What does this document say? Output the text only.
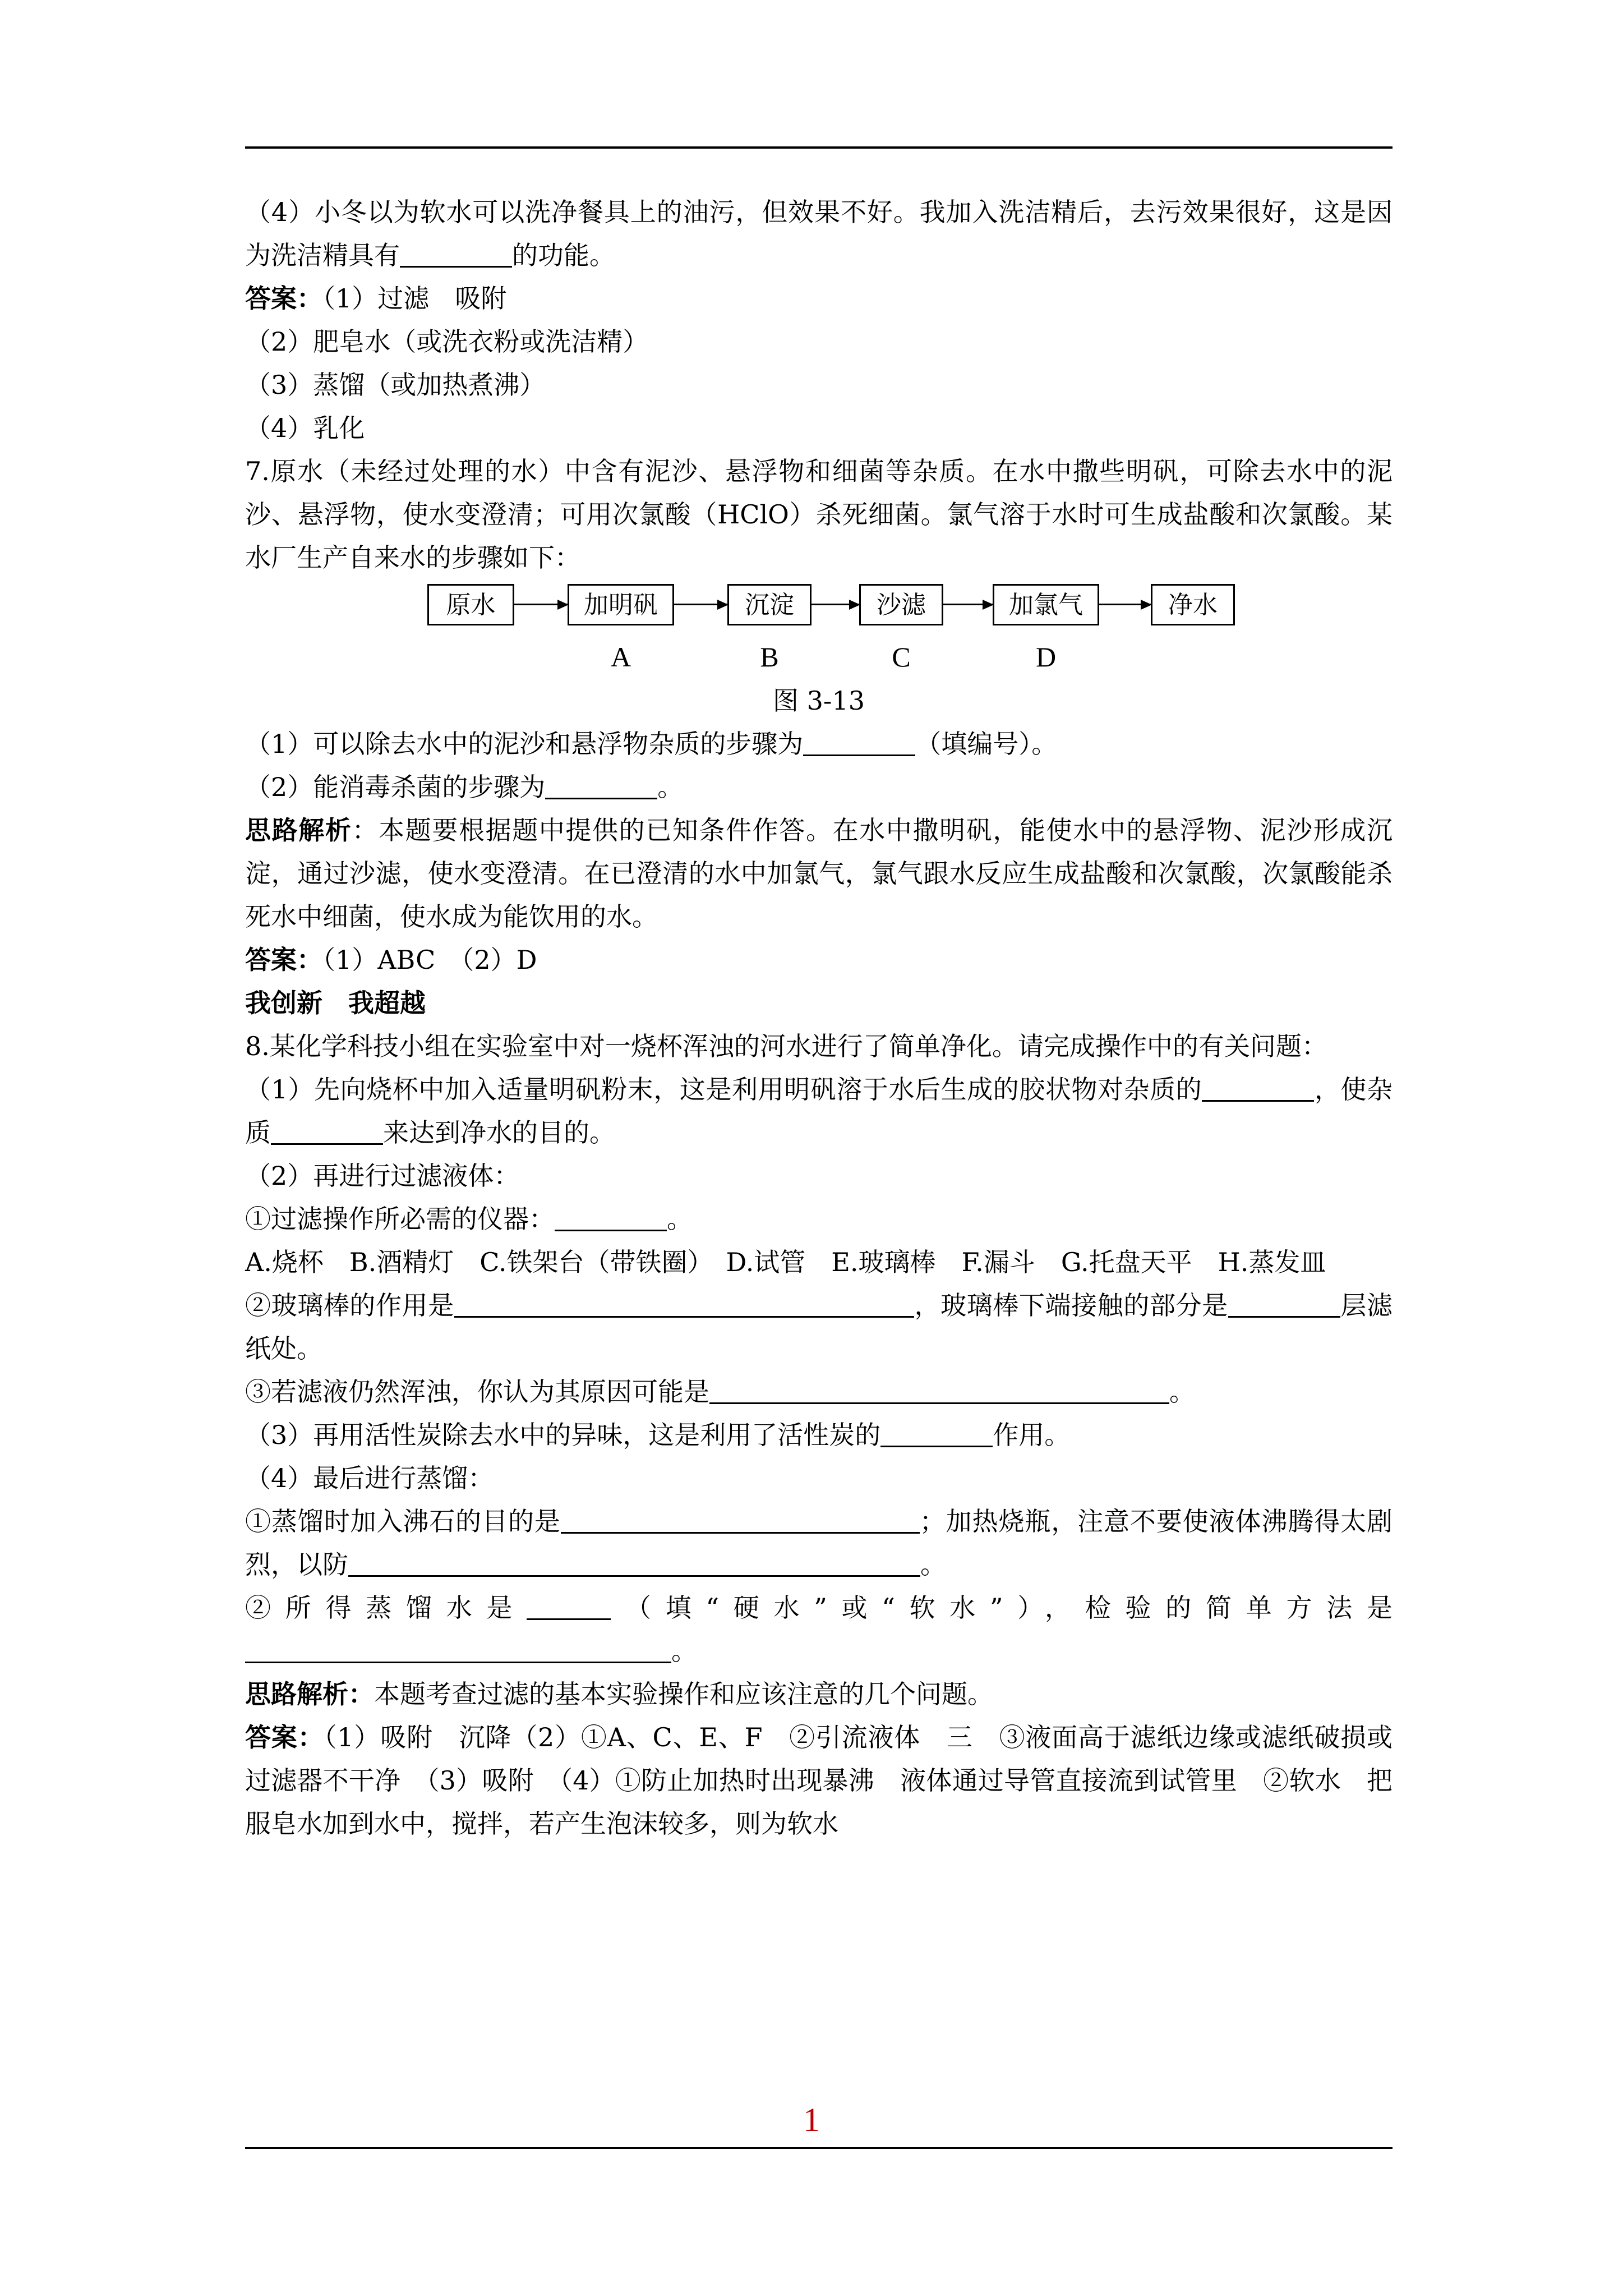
（4）小冬以为软水可以洗净餐具上的油污，但效果不好。我加入洗洁精后，去污效果很好，这是因为洗洁精具有	的功能。

答案：（1）过滤　吸附

（2）肥皂水（或洗衣粉或洗洁精）

（3）蒸馏（或加热煮沸）

（4）乳化

7.原水（未经过处理的水）中含有泥沙、悬浮物和细菌等杂质。在水中撒些明矾，可除去水中的泥沙、悬浮物，使水变澄清；可用次氯酸（HClO）杀死细菌。氯气溶于水时可生成盐酸和次氯酸。某水厂生产自来水的步骤如下：

原水	加明矾	沉淀	沙滤	加氯气	净水
A	B	C	D

图 3-13

（1）可以除去水中的泥沙和悬浮物杂质的步骤为	（填编号）。

（2）能消毒杀菌的步骤为	。

思路解析：本题要根据题中提供的已知条件作答。在水中撒明矾，能使水中的悬浮物、泥沙形成沉淀，通过沙滤，使水变澄清。在已澄清的水中加氯气，氯气跟水反应生成盐酸和次氯酸，次氯酸能杀死水中细菌，使水成为能饮用的水。

答案：（1）ABC　（2）D

我创新　我超越

8.某化学科技小组在实验室中对一烧杯浑浊的河水进行了简单净化。请完成操作中的有关问题：

（1）先向烧杯中加入适量明矾粉末，这是利用明矾溶于水后生成的胶状物对杂质的	，使杂质	来达到净水的目的。

（2）再进行过滤液体：

①过滤操作所必需的仪器：	。

A.烧杯　B.酒精灯　C.铁架台（带铁圈）　D.试管　E.玻璃棒　F.漏斗　G.托盘天平　H.蒸发皿

②玻璃棒的作用是	，玻璃棒下端接触的部分是	层滤纸处。

③若滤液仍然浑浊，你认为其原因可能是	。

（3）再用活性炭除去水中的异味，这是利用了活性炭的	作用。

（4）最后进行蒸馏：

①蒸馏时加入沸石的目的是	；加热烧瓶，注意不要使液体沸腾得太剧烈，以防	。

②所得蒸馏水是	（填“硬水”或“软水”），检验的简单方法是。

思路解析：本题考查过滤的基本实验操作和应该注意的几个问题。

答案：（1）吸附　沉降（2）①A、C、E、F　②引流液体　三　③液面高于滤纸边缘或滤纸破损或过滤器不干净　（3）吸附　（4）①防止加热时出现暴沸　液体通过导管直接流到试管里　②软水　把服皂水加到水中，搅拌，若产生泡沫较多，则为软水

1
